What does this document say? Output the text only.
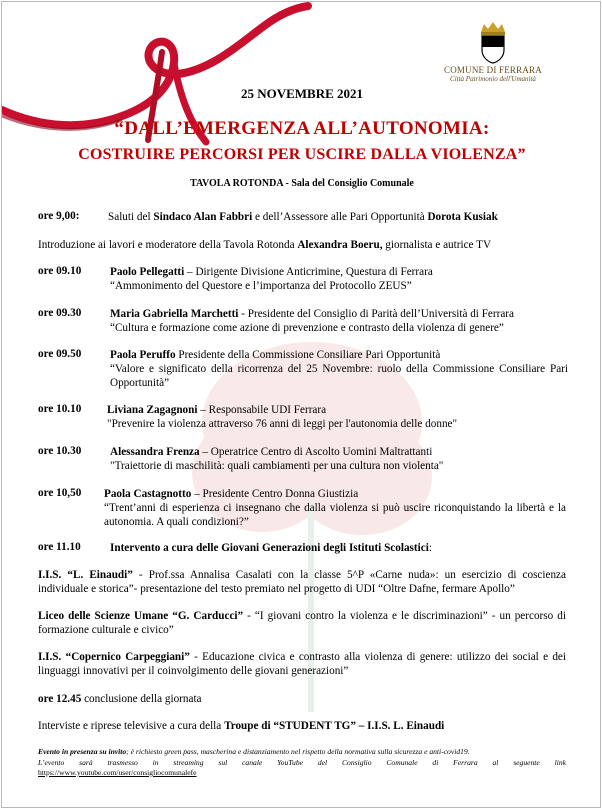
COMUNE DI FERRARA
Città Patrimonio dell'Umanità
25 NOVEMBRE 2021
“DALL’EMERGENZA ALL’AUTONOMIA:
COSTRUIRE PERCORSI PER USCIRE DALLA VIOLENZA”
TAVOLA ROTONDA - Sala del Consiglio Comunale
ore 9,00:	Saluti del Sindaco Alan Fabbri e dell’Assessore alle Pari Opportunità Dorota Kusiak
Introduzione ai lavori e moderatore della Tavola Rotonda Alexandra Boeru, giornalista e autrice TV
ore 09.10	Paolo Pellegatti – Dirigente Divisione Anticrimine, Questura di Ferrara
“Ammonimento del Questore e l’importanza del Protocollo ZEUS”
ore 09.30	Maria Gabriella Marchetti - Presidente del Consiglio di Parità dell’Università di Ferrara
“Cultura e formazione come azione di prevenzione e contrasto della violenza di genere”
ore 09.50	Paola Peruffo Presidente della Commissione Consiliare Pari Opportunità
“Valore e significato della ricorrenza del 25 Novembre: ruolo della Commissione Consiliare Pari Opportunità”
ore 10.10 Liviana Zagagnoni – Responsabile UDI Ferrara
"Prevenire la violenza attraverso 76 anni di leggi per l'autonomia delle donne"
ore 10.30	Alessandra Frenza – Operatrice Centro di Ascolto Uomini Maltrattanti
"Traiettorie di maschilità: quali cambiamenti per una cultura non violenta"
ore 10,50 Paola Castagnotto – Presidente Centro Donna Giustizia
“Trent’anni di esperienza ci insegnano che dalla violenza si può uscire riconquistando la libertà e la autonomia. A quali condizioni?”
ore 11.10	Intervento a cura delle Giovani Generazioni degli Istituti Scolastici:
I.I.S. “L. Einaudi” - Prof.ssa Annalisa Casalati con la classe 5^P «Carne nuda»: un esercizio di coscienza individuale e storica”- presentazione del testo premiato nel progetto di UDI “Oltre Dafne, fermare Apollo”
Liceo delle Scienze Umane “G. Carducci” - “I giovani contro la violenza e le discriminazioni” - un percorso di formazione culturale e civico”
I.I.S. “Copernico Carpeggiani” - Educazione civica e contrasto alla violenza di genere: utilizzo dei social e dei linguaggi innovativi per il coinvolgimento delle giovani generazioni”
ore 12.45 conclusione della giornata
Interviste e riprese televisive a cura della Troupe di “STUDENT TG” – I.I.S. L. Einaudi
Evento in presenza su invito; è richiesto green pass, mascherina e distanziamento nel rispetto della normativa sulla sicurezza e anti-covid19.
L’evento sarà trasmesso in streaming sul canale YouTube del Consiglio Comunale di Ferrara al seguente link
https://www.youtube.com/user/consigliocomunalefe
